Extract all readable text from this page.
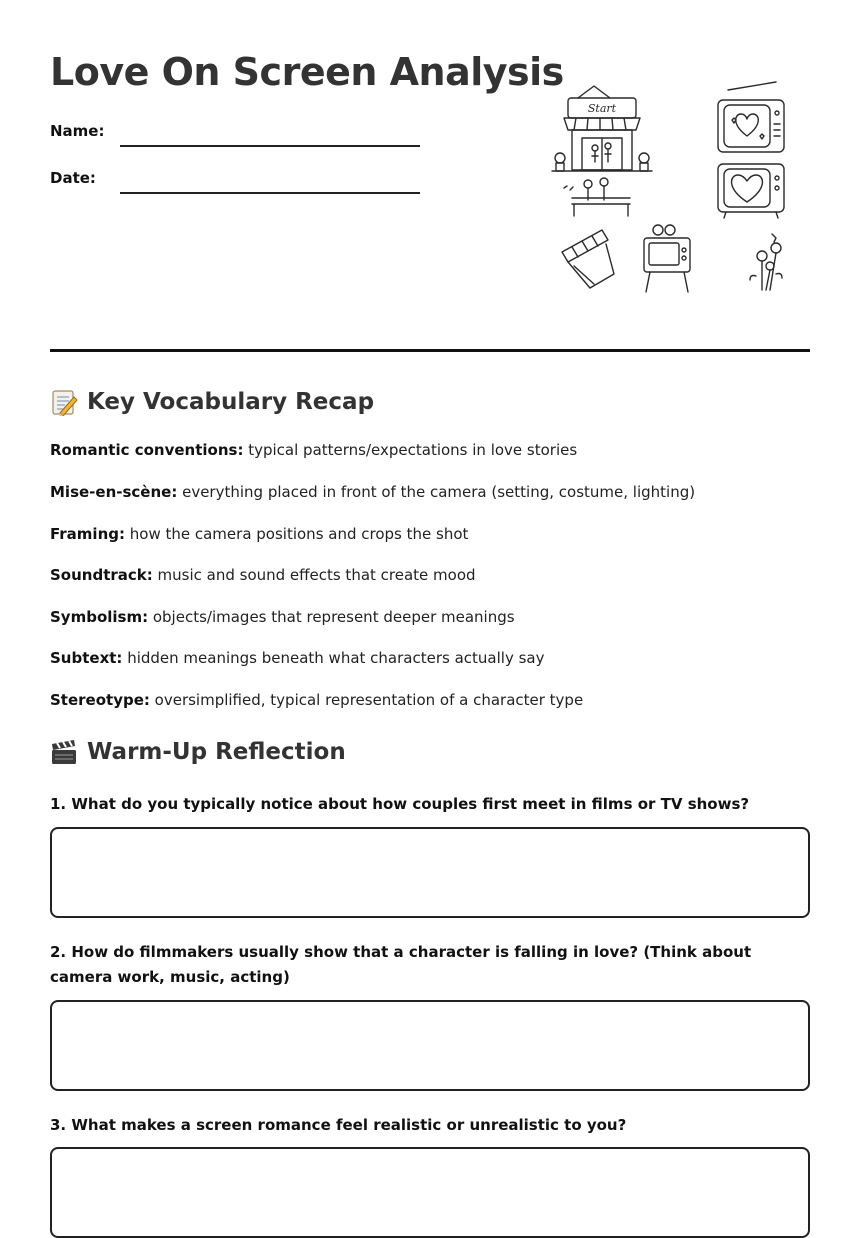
Love On Screen Analysis
Name:
Date:
Start
Key Vocabulary Recap
Romantic conventions: typical patterns/expectations in love stories
Mise-en-scène: everything placed in front of the camera (setting, costume, lighting)
Framing: how the camera positions and crops the shot
Soundtrack: music and sound effects that create mood
Symbolism: objects/images that represent deeper meanings
Subtext: hidden meanings beneath what characters actually say
Stereotype: oversimplified, typical representation of a character type
Warm-Up Reflection
1. What do you typically notice about how couples first meet in films or TV shows?
2. How do filmmakers usually show that a character is falling in love? (Think about camera work, music, acting)
3. What makes a screen romance feel realistic or unrealistic to you?
